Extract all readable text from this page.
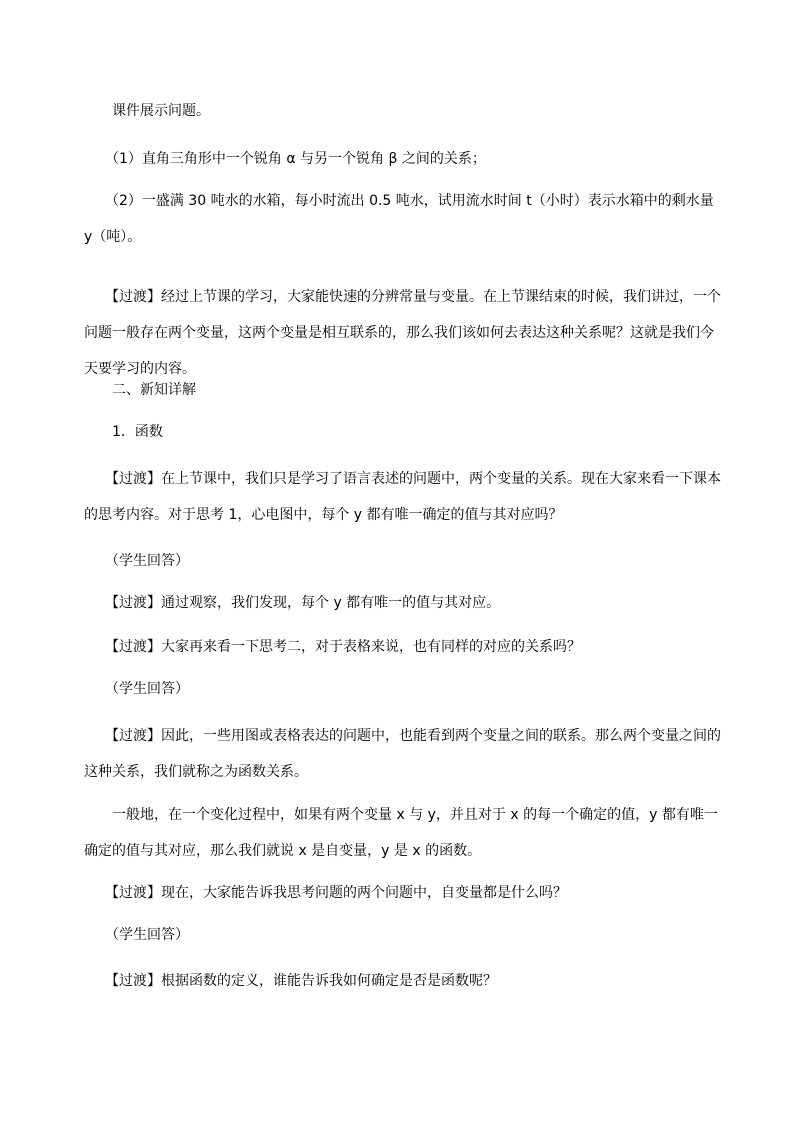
　　课件展示问题。

　　（1）直角三角形中一个锐角 α 与另一个锐角 β 之间的关系；

　　（2）一盛满 30 吨水的水箱，每小时流出 0.5 吨水，试用流水时间 t（小时）表示水箱中的剩水量 y（吨）。

　　【过渡】经过上节课的学习，大家能快速的分辨常量与变量。在上节课结束的时候，我们讲过，一个问题一般存在两个变量，这两个变量是相互联系的，那么我们该如何去表达这种关系呢？这就是我们今天要学习的内容。

　　二、新知详解

　　1．函数

　　【过渡】在上节课中，我们只是学习了语言表述的问题中，两个变量的关系。现在大家来看一下课本的思考内容。对于思考 1，心电图中，每个 y 都有唯一确定的值与其对应吗？

　　（学生回答）

　　【过渡】通过观察，我们发现，每个 y 都有唯一的值与其对应。

　　【过渡】大家再来看一下思考二，对于表格来说，也有同样的对应的关系吗？

　　（学生回答）

　　【过渡】因此，一些用图或表格表达的问题中，也能看到两个变量之间的联系。那么两个变量之间的这种关系，我们就称之为函数关系。

　　一般地，在一个变化过程中，如果有两个变量 x 与 y，并且对于 x 的每一个确定的值，y 都有唯一确定的值与其对应，那么我们就说 x 是自变量，y 是 x 的函数。

　　【过渡】现在，大家能告诉我思考问题的两个问题中，自变量都是什么吗？

　　（学生回答）

　　【过渡】根据函数的定义，谁能告诉我如何确定是否是函数呢？
